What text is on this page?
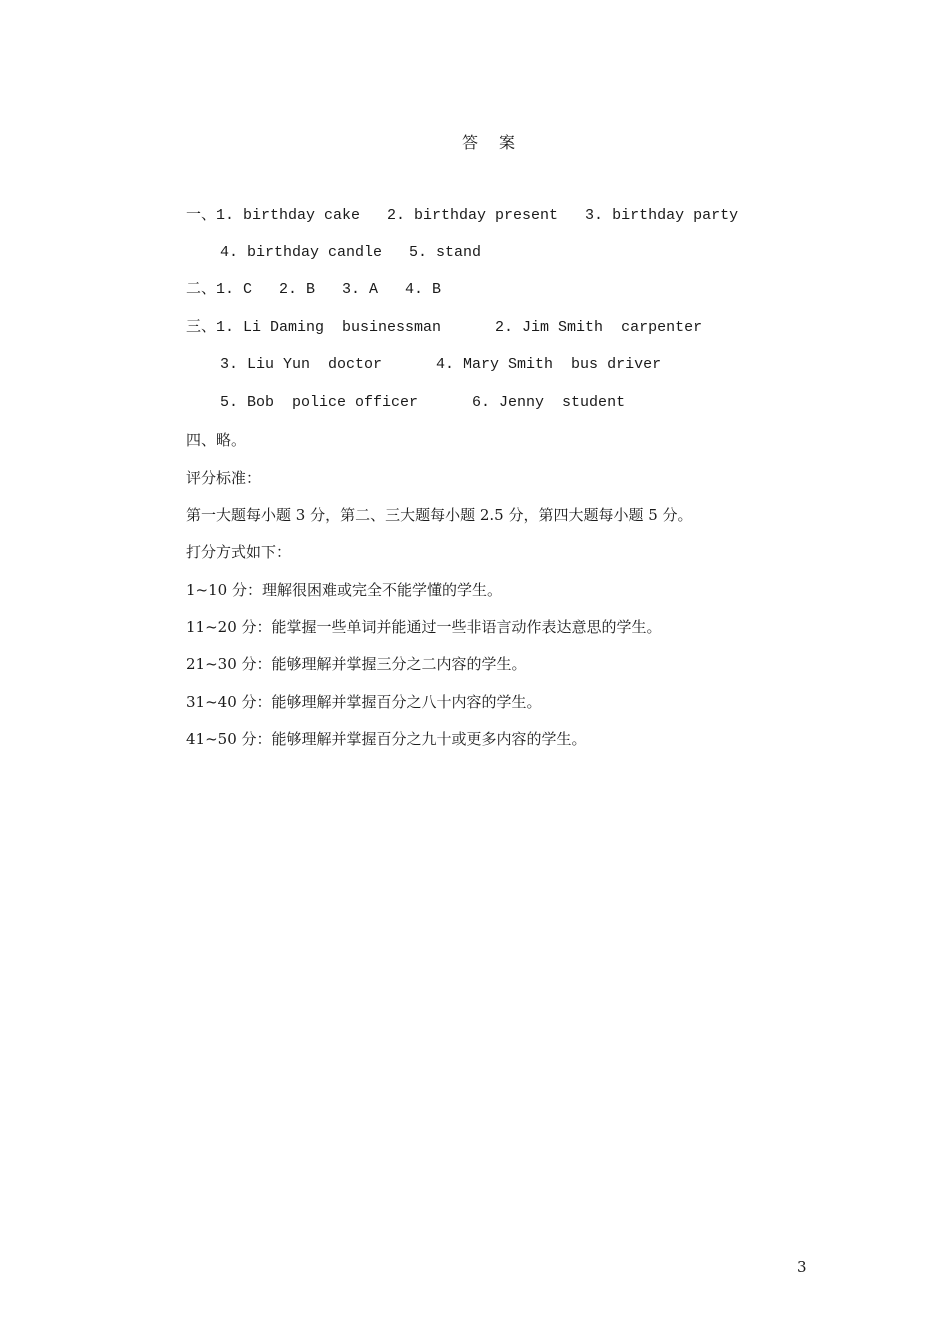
答 案
一、1. birthday cake   2. birthday present   3. birthday party
4. birthday candle   5. stand
二、1. C   2. B   3. A   4. B
三、1. Li Daming  businessman      2. Jim Smith  carpenter
3. Liu Yun  doctor      4. Mary Smith  bus driver
5. Bob  police officer      6. Jenny  student
四、略。
评分标准：
第一大题每小题 3 分，第二、三大题每小题 2.5 分，第四大题每小题 5 分。
打分方式如下：
1~10 分：理解很困难或完全不能学懂的学生。
11~20 分：能掌握一些单词并能通过一些非语言动作表达意思的学生。
21~30 分：能够理解并掌握三分之二内容的学生。
31~40 分：能够理解并掌握百分之八十内容的学生。
41~50 分：能够理解并掌握百分之九十或更多内容的学生。
3
